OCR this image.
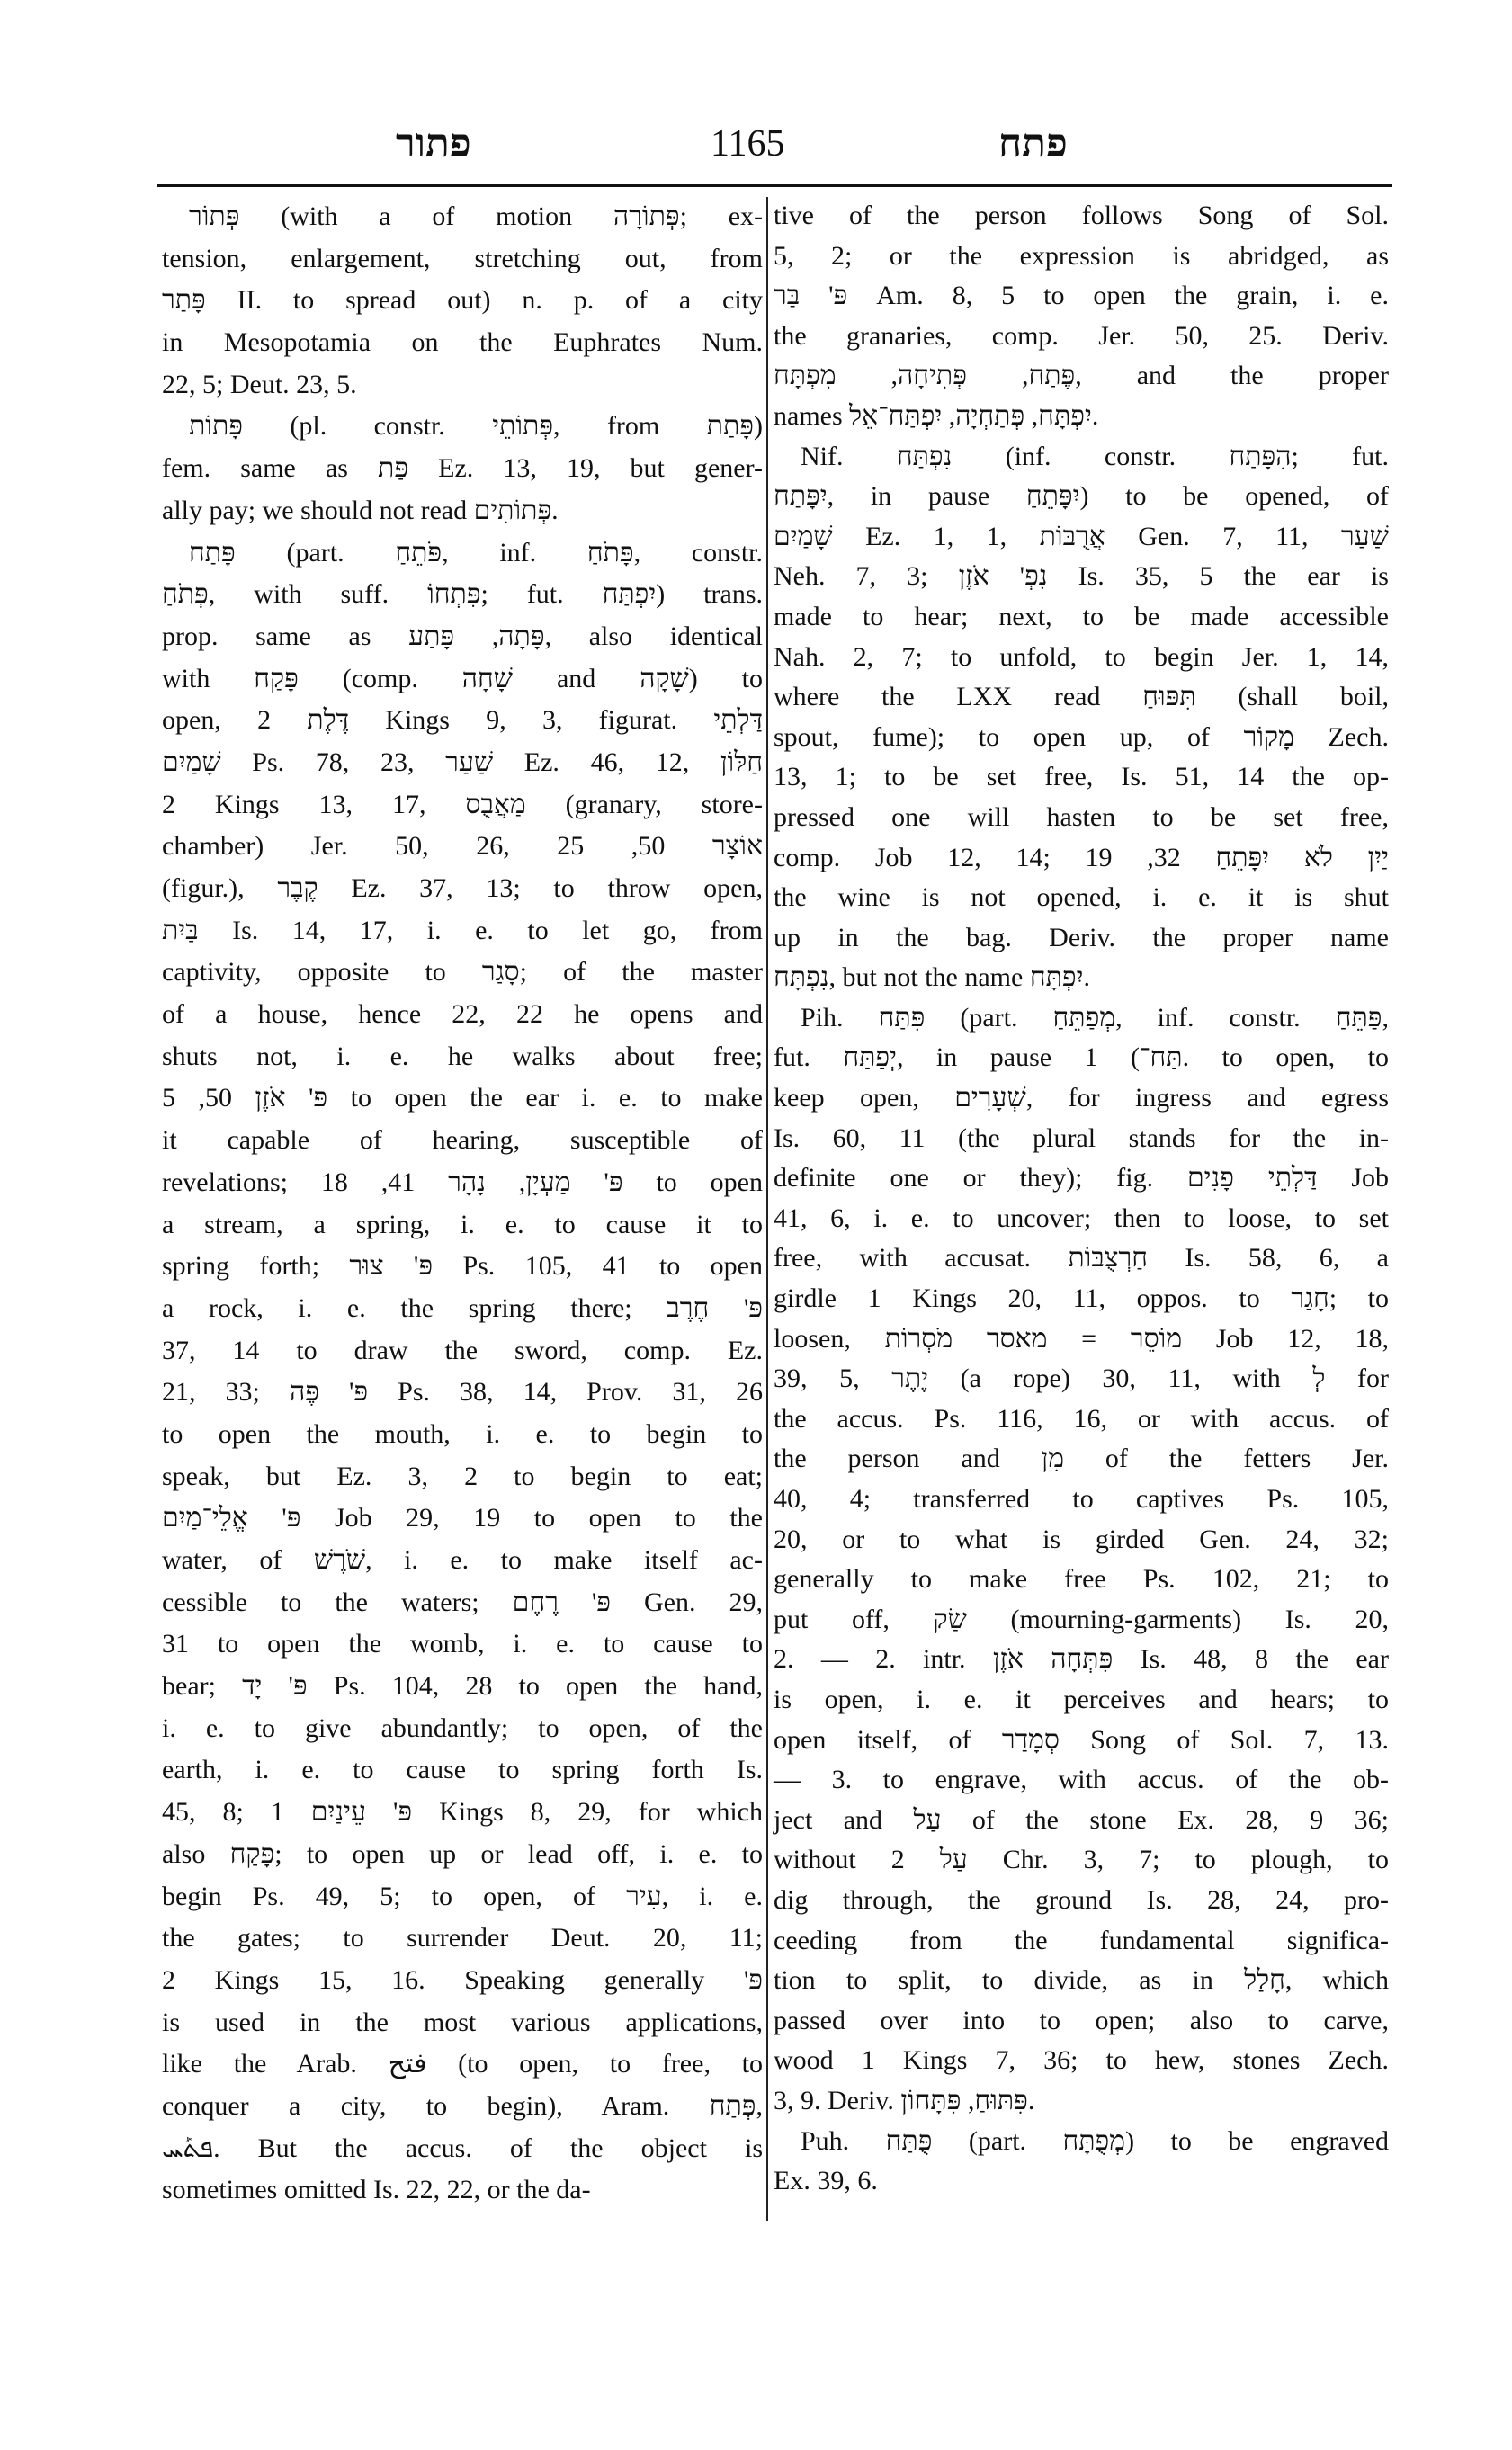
פתור	1165	פתח
פְּתוֹר (with a of motion פְּתוֹרָה; ex-
tension, enlargement, stretching out, from
פָּתַר II. to spread out) n. p. of a city
in Mesopotamia on the Euphrates Num.
22, 5; Deut. 23, 5.
פָּתוֹת (pl. constr. פְּתוֹתֵי, from פָּתַת)
fem. same as פַּת Ez. 13, 19, but gener-
ally pay; we should not read פְּתוֹתִים.
פָּתַח (part. פֹּתֵחַ, inf. פָּתֹחַ, constr.
פְּתֹחַ, with suff. פִּתְחוֹ; fut. יִפְתַּח) trans.
prop. same as פָּתָה, פָּתַע, also identical
with פָּקַח (comp. שָׁחָה and שָׁקָה) to
open, דֶּלֶת 2 Kings 9, 3, figurat. דַּלְתֵי
שָׁמַיִם Ps. 78, 23, שַׁעַר Ez. 46, 12, חַלּוֹן
2 Kings 13, 17, מַאֲבֻס (granary, store-
chamber) Jer. 50, 26, אוֹצָר 50, 25
(figur.), קֶבֶר Ez. 37, 13; to throw open,
בַּיִת Is. 14, 17, i. e. to let go, from
captivity, opposite to סָגַר; of the master
of a house, hence 22, 22 he opens and
shuts not, i. e. he walks about free;
פּ' אֹזֶן 50, 5 to open the ear i. e. to make
it capable of hearing, susceptible of
revelations; פּ' מַעְיָן, נָהָר 41, 18 to open
a stream, a spring, i. e. to cause it to
spring forth; פּ' צוּר Ps. 105, 41 to open
a rock, i. e. the spring there; פּ' חֶרֶב
37, 14 to draw the sword, comp. Ez.
21, 33; פּ' פֶּה Ps. 38, 14, Prov. 31, 26
to open the mouth, i. e. to begin to
speak, but Ez. 3, 2 to begin to eat;
פּ' אֱלֵי־מַיִם Job 29, 19 to open to the
water, of שֹׁרֶשׁ, i. e. to make itself ac-
cessible to the waters; פּ' רֶחֶם Gen. 29,
31 to open the womb, i. e. to cause to
bear; פּ' יָד Ps. 104, 28 to open the hand,
i. e. to give abundantly; to open, of the
earth, i. e. to cause to spring forth Is.
45, 8; פּ' עֵינַיִם 1 Kings 8, 29, for which
also פָּקַח; to open up or lead off, i. e. to
begin Ps. 49, 5; to open, of עִיר, i. e.
the gates; to surrender Deut. 20, 11;
2 Kings 15, 16. Speaking generally 'פּ
is used in the most various applications,
like the Arab. فتح (to open, to free, to
conquer a city, to begin), Aram. פְּתַח,
ܦܬܰܚ. But the accus. of the object is
sometimes omitted Is. 22, 22, or the da-
tive of the person follows Song of Sol.
5, 2; or the expression is abridged, as
פּ' בַּר Am. 8, 5 to open the grain, i. e.
the granaries, comp. Jer. 50, 25. Deriv.
פֶּתַח, פְּתִיחָה, מִפְתָּח, and the proper
names יִפְתָּח, פְּתַחְיָה, יִפְתַּח־אֵל.
Nif. נִפְתַּח (inf. constr. הִפָּתַח; fut.
יִפָּתַח, in pause יִפָּתֵחַ) to be opened, of
שָׁמַיִם Ez. 1, 1, אֲרֻבּוֹת Gen. 7, 11, שַׁעַר
Neh. 7, 3; נִפְ' אֹזֶן Is. 35, 5 the ear is
made to hear; next, to be made accessible
Nah. 2, 7; to unfold, to begin Jer. 1, 14,
where the LXX read תִּפּוּחַ (shall boil,
spout, fume); to open up, of מָקוֹר Zech.
13, 1; to be set free, Is. 51, 14 the op-
pressed one will hasten to be set free,
comp. Job 12, 14; יַיִן לֹא יִפָּתֵחַ 32, 19
the wine is not opened, i. e. it is shut
up in the bag. Deriv. the proper name
נִפְתָּח, but not the name יִפְתָּח.
Pih. פִּתַּח (part. מְפַתֵּחַ, inf. constr. פַּתֵּחַ,
fut. יְפַתַּח, in pause תַּח־) 1. to open, to
keep open, שְׁעָרִים, for ingress and egress
Is. 60, 11 (the plural stands for the in-
definite one or they); fig. דַּלְתֵי פָנִים Job
41, 6, i. e. to uncover; then to loose, to set
free, with accusat. חַרְצֻבּוֹת Is. 58, 6, a
girdle 1 Kings 20, 11, oppos. to חָגַר; to
loosen, מוֹסֵר = מאסר מֹסְרוֹת Job 12, 18,
39, 5, יֶתֶר (a rope) 30, 11, with לְ for
the accus. Ps. 116, 16, or with accus. of
the person and מִן of the fetters Jer.
40, 4; transferred to captives Ps. 105,
20, or to what is girded Gen. 24, 32;
generally to make free Ps. 102, 21; to
put off, שַׂק (mourning-garments) Is. 20,
2. — 2. intr. פִּתְּחָה אֹזֶן Is. 48, 8 the ear
is open, i. e. it perceives and hears; to
open itself, of סְמָדַר Song of Sol. 7, 13.
— 3. to engrave, with accus. of the ob-
ject and עַל of the stone Ex. 28, 9 36;
without עַל 2 Chr. 3, 7; to plough, to
dig through, the ground Is. 28, 24, pro-
ceeding from the fundamental significa-
tion to split, to divide, as in חָלַל, which
passed over into to open; also to carve,
wood 1 Kings 7, 36; to hew, stones Zech.
3, 9. Deriv. פִּתּוּחַ, פִּתָּחוֹן.
Puh. פֻּתַּח (part. מְפֻתָּח) to be engraved
Ex. 39, 6.
